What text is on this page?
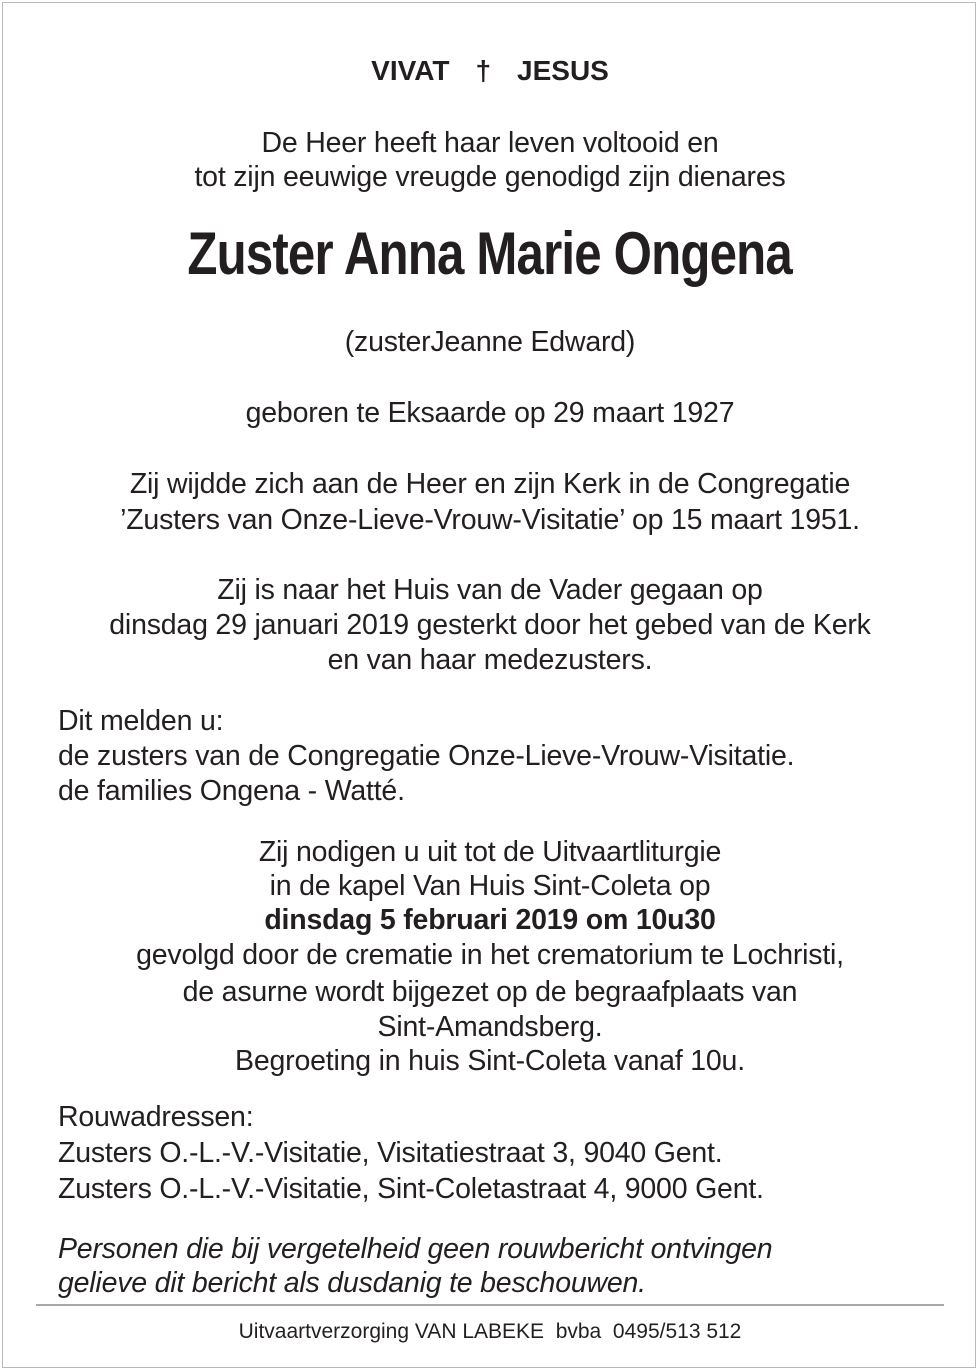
VIVAT † JESUS
De Heer heeft haar leven voltooid en
tot zijn eeuwige vreugde genodigd zijn dienares
Zuster Anna Marie Ongena
(zusterJeanne Edward)
geboren te Eksaarde op 29 maart 1927
Zij wijdde zich aan de Heer en zijn Kerk in de Congregatie
’Zusters van Onze-Lieve-Vrouw-Visitatie’ op 15 maart 1951.
Zij is naar het Huis van de Vader gegaan op
dinsdag 29 januari 2019 gesterkt door het gebed van de Kerk
en van haar medezusters.
Dit melden u:
de zusters van de Congregatie Onze-Lieve-Vrouw-Visitatie.
de families Ongena - Watté.
Zij nodigen u uit tot de Uitvaartliturgie
in de kapel Van Huis Sint-Coleta op
dinsdag 5 februari 2019 om 10u30
gevolgd door de crematie in het crematorium te Lochristi,
de asurne wordt bijgezet op de begraafplaats van
Sint-Amandsberg.
Begroeting in huis Sint-Coleta vanaf 10u.
Rouwadressen:
Zusters O.-L.-V.-Visitatie, Visitatiestraat 3, 9040 Gent.
Zusters O.-L.-V.-Visitatie, Sint-Coletastraat 4, 9000 Gent.
Personen die bij vergetelheid geen rouwbericht ontvingen
gelieve dit bericht als dusdanig te beschouwen.
Uitvaartverzorging VAN LABEKE  bvba  0495/513 512
